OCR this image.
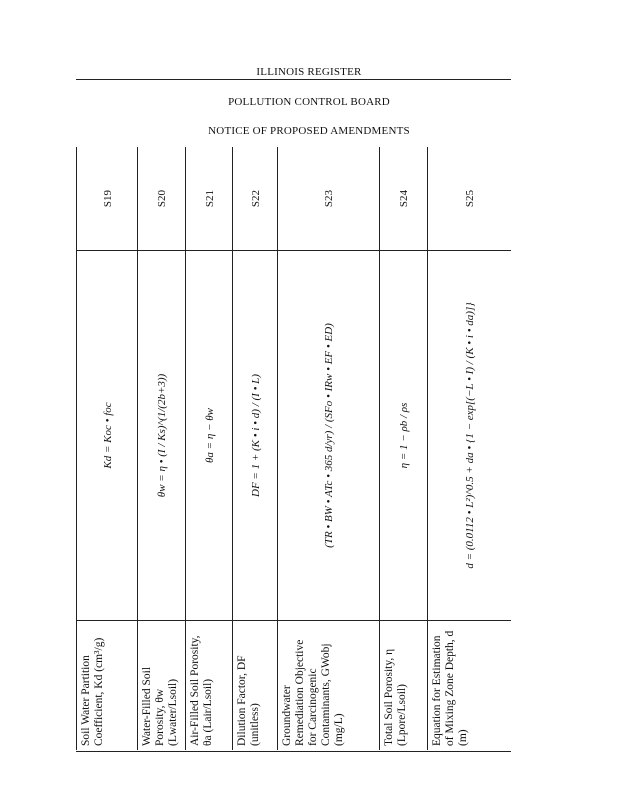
ILLINOIS REGISTER
POLLUTION CONTROL BOARD
NOTICE OF PROPOSED AMENDMENTS
Soil Water Partition Coefficient, Kd (cm³/g)
Kd = Koc • foc
S19
Water-Filled Soil Porosity, θw (Lwater/Lsoil)
θw = η • (I / Ks)^(1/(2b+3))
S20
Air-Filled Soil Porosity, θa (Lair/Lsoil)
θa = η − θw
S21
Dilution Factor, DF (unitless)
DF = 1 + (K • i • d) / (I • L)
S22
Groundwater Remediation Objective for Carcinogenic Contaminants, GWobj (mg/L)
(TR • BW • ATc • 365 d/yr) / (SFo • IRw • EF • ED)
S23
Total Soil Porosity, η (Lpore/Lsoil)
η = 1 − ρb / ρs
S24
Equation for Estimation of Mixing Zone Depth, d (m)
d = (0.0112 • L²)^0.5 + da • {1 − exp[(−L • I) / (K • i • da)]}
S25
